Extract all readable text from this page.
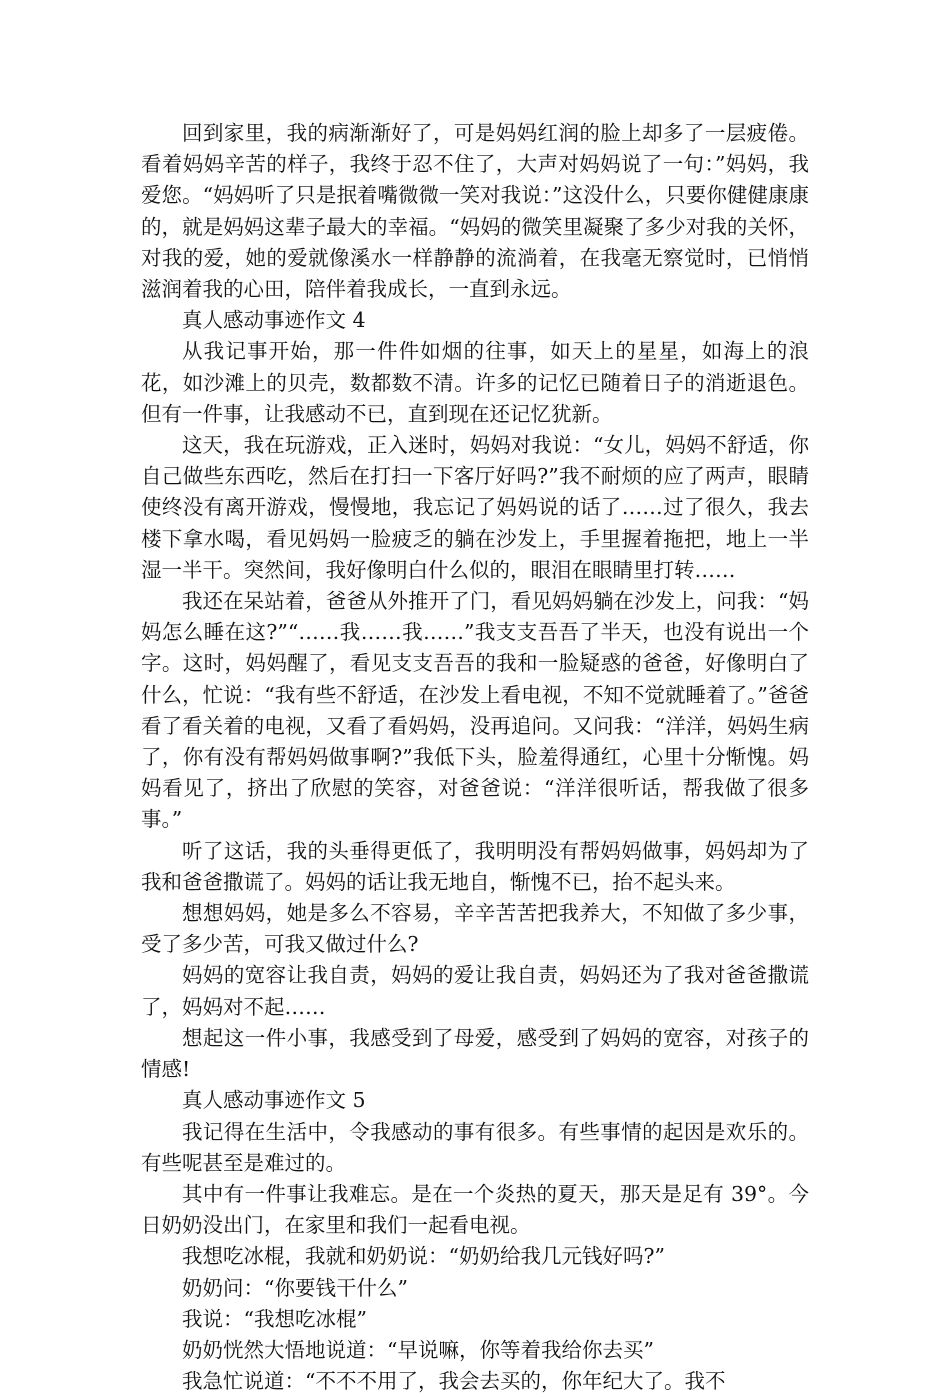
回到家里，我的病渐渐好了，可是妈妈红润的脸上却多了一层疲倦。看着妈妈辛苦的样子，我终于忍不住了，大声对妈妈说了一句：”妈妈，我爱您。“妈妈听了只是抿着嘴微微一笑对我说：”这没什么，只要你健健康康的，就是妈妈这辈子最大的幸福。“妈妈的微笑里凝聚了多少对我的关怀，对我的爱，她的爱就像溪水一样静静的流淌着，在我毫无察觉时，已悄悄滋润着我的心田，陪伴着我成长，一直到永远。

真人感动事迹作文 4

从我记事开始，那一件件如烟的往事，如天上的星星，如海上的浪花，如沙滩上的贝壳，数都数不清。许多的记忆已随着日子的消逝退色。但有一件事，让我感动不已，直到现在还记忆犹新。

这天，我在玩游戏，正入迷时，妈妈对我说：“女儿，妈妈不舒适，你自己做些东西吃，然后在打扫一下客厅好吗?”我不耐烦的应了两声，眼睛使终没有离开游戏，慢慢地，我忘记了妈妈说的话了……过了很久，我去楼下拿水喝，看见妈妈一脸疲乏的躺在沙发上，手里握着拖把，地上一半湿一半干。突然间，我好像明白什么似的，眼泪在眼睛里打转……

我还在呆站着，爸爸从外推开了门，看见妈妈躺在沙发上，问我：“妈妈怎么睡在这?”“……我……我……”我支支吾吾了半天，也没有说出一个字。这时，妈妈醒了，看见支支吾吾的我和一脸疑惑的爸爸，好像明白了什么，忙说：“我有些不舒适，在沙发上看电视，不知不觉就睡着了。”爸爸看了看关着的电视，又看了看妈妈，没再追问。又问我：“洋洋，妈妈生病了，你有没有帮妈妈做事啊?”我低下头，脸羞得通红，心里十分惭愧。妈妈看见了，挤出了欣慰的笑容，对爸爸说：“洋洋很听话，帮我做了很多事。”

听了这话，我的头垂得更低了，我明明没有帮妈妈做事，妈妈却为了我和爸爸撒谎了。妈妈的话让我无地自，惭愧不已，抬不起头来。

想想妈妈，她是多么不容易，辛辛苦苦把我养大，不知做了多少事，受了多少苦，可我又做过什么?

妈妈的宽容让我自责，妈妈的爱让我自责，妈妈还为了我对爸爸撒谎了，妈妈对不起……

想起这一件小事，我感受到了母爱，感受到了妈妈的宽容，对孩子的情感!

真人感动事迹作文 5

我记得在生活中，令我感动的事有很多。有些事情的起因是欢乐的。有些呢甚至是难过的。

其中有一件事让我难忘。是在一个炎热的夏天，那天是足有 39°。今日奶奶没出门，在家里和我们一起看电视。

我想吃冰棍，我就和奶奶说：“奶奶给我几元钱好吗?”

奶奶问：“你要钱干什么”

我说：“我想吃冰棍”

奶奶恍然大悟地说道：“早说嘛，你等着我给你去买”

我急忙说道：“不不不用了，我会去买的，你年纪大了。我不
